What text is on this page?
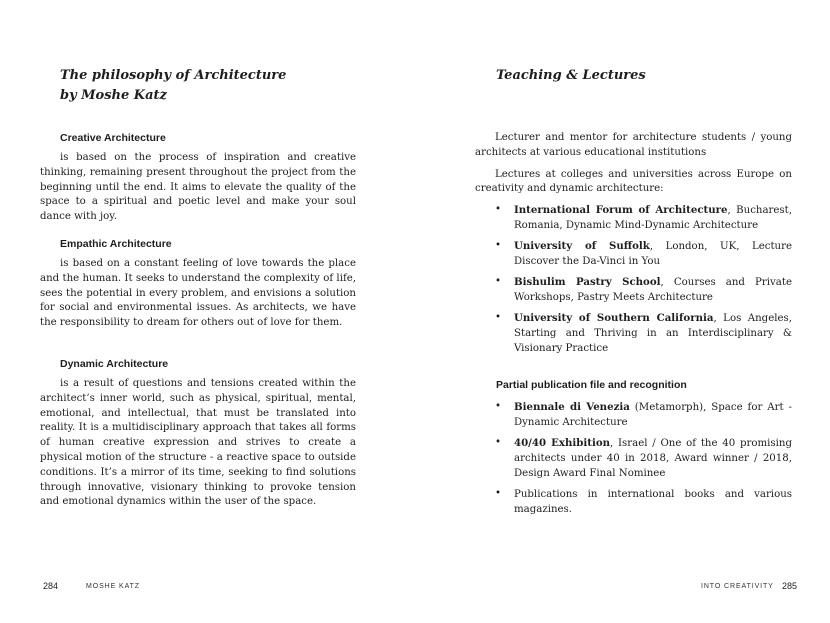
The philosophy of Architecture
by Moshe Katz

Creative Architecture

is based on the process of inspiration and creative thinking, remaining present throughout the project from the beginning until the end. It aims to elevate the quality of the space to a spiritual and poetic level and make your soul dance with joy.

Empathic Architecture

is based on a constant feeling of love towards the place and the human. It seeks to understand the complexity of life, sees the potential in every problem, and envisions a solution for social and environmental issues. As architects, we have the responsibility to dream for others out of love for them.

Dynamic Architecture

is a result of questions and tensions created within the architect’s inner world, such as physical, spiritual, mental, emotional, and intellectual, that must be translated into reality. It is a multidisciplinary approach that takes all forms of human creative expression and strives to create a physical motion of the structure - a reactive space to outside conditions. It’s a mirror of its time, seeking to find solutions through innovative, visionary thinking to provoke tension and emotional dynamics within the user of the space.

284	MOSHE KATZ
Teaching & Lectures

Lecturer and mentor for architecture students / young architects at various educational institutions

Lectures at colleges and universities across Europe on creativity and dynamic architecture:

• International Forum of Architecture, Bucharest, Romania, Dynamic Mind-Dynamic Architecture
• University of Suffolk, London, UK, Lecture Discover the Da-Vinci in You
• Bishulim Pastry School, Courses and Private Workshops, Pastry Meets Architecture
• University of Southern California, Los Angeles, Starting and Thriving in an Interdisciplinary & Visionary Practice

Partial publication file and recognition

• Biennale di Venezia (Metamorph), Space for Art - Dynamic Architecture
• 40/40 Exhibition, Israel / One of the 40 promising architects under 40 in 2018, Award winner / 2018, Design Award Final Nominee
• Publications in international books and various magazines.
INTO CREATIVITY 285
